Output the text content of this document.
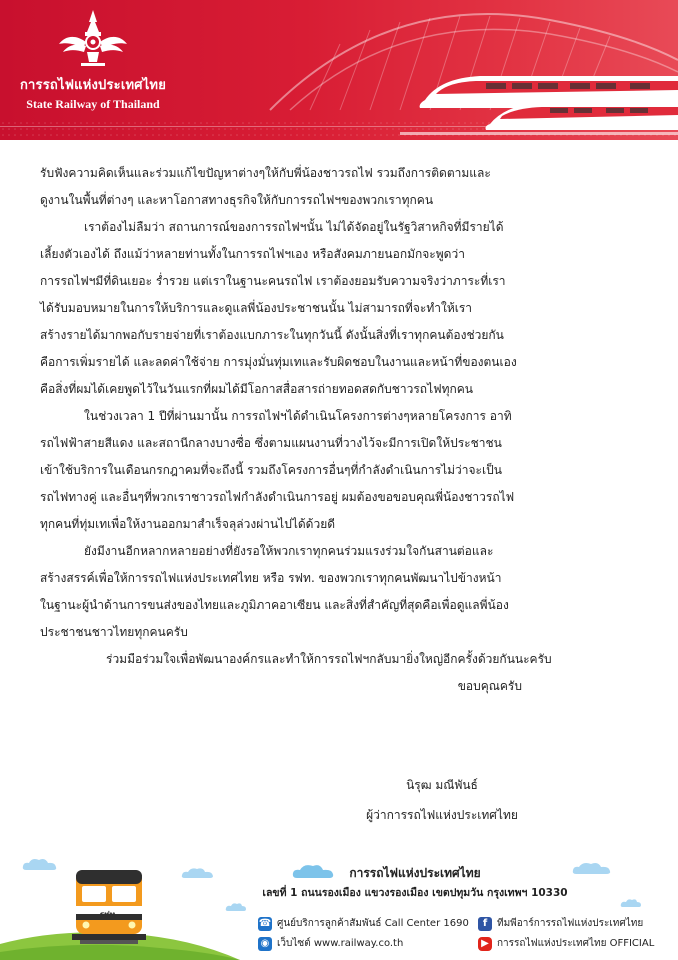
การรถไฟแห่งประเทศไทย
State Railway of Thailand

รับฟังความคิดเห็นและร่วมแก้ไขปัญหาต่างๆให้กับพี่น้องชาวรถไฟ รวมถึงการติดตามและ
ดูงานในพื้นที่ต่างๆ และหาโอกาสทางธุรกิจให้กับการรถไฟฯของพวกเราทุกคน

เราต้องไม่ลืมว่า สถานการณ์ของการรถไฟฯนั้น ไม่ได้จัดอยู่ในรัฐวิสาหกิจที่มีรายได้
เลี้ยงตัวเองได้ ถึงแม้ว่าหลายท่านทั้งในการรถไฟฯเอง หรือสังคมภายนอกมักจะพูดว่า
การรถไฟฯมีที่ดินเยอะ ร่ำรวย แต่เราในฐานะคนรถไฟ เราต้องยอมรับความจริงว่าภาระที่เรา
ได้รับมอบหมายในการให้บริการและดูแลพี่น้องประชาชนนั้น ไม่สามารถที่จะทำให้เรา
สร้างรายได้มากพอกับรายจ่ายที่เราต้องแบกภาระในทุกวันนี้ ดังนั้นสิ่งที่เราทุกคนต้องช่วยกัน
คือการเพิ่มรายได้ และลดค่าใช้จ่าย การมุ่งมั่นทุ่มเทและรับผิดชอบในงานและหน้าที่ของตนเอง
คือสิ่งที่ผมได้เคยพูดไว้ในวันแรกที่ผมได้มีโอกาสสื่อสารถ่ายทอดสดกับชาวรถไฟทุกคน

ในช่วงเวลา 1 ปีที่ผ่านมานั้น การรถไฟฯได้ดำเนินโครงการต่างๆหลายโครงการ อาทิ
รถไฟฟ้าสายสีแดง และสถานีกลางบางซื่อ ซึ่งตามแผนงานที่วางไว้จะมีการเปิดให้ประชาชน
เข้าใช้บริการในเดือนกรกฎาคมที่จะถึงนี้ รวมถึงโครงการอื่นๆที่กำลังดำเนินการไม่ว่าจะเป็น
รถไฟทางคู่ และอื่นๆที่พวกเราชาวรถไฟกำลังดำเนินการอยู่ ผมต้องขอขอบคุณพี่น้องชาวรถไฟ
ทุกคนที่ทุ่มเทเพื่อให้งานออกมาสำเร็จลุล่วงผ่านไปได้ด้วยดี

ยังมีงานอีกหลากหลายอย่างที่ยังรอให้พวกเราทุกคนร่วมแรงร่วมใจกันสานต่อและ
สร้างสรรค์เพื่อให้การรถไฟแห่งประเทศไทย หรือ รฟท. ของพวกเราทุกคนพัฒนาไปข้างหน้า
ในฐานะผู้นำด้านการขนส่งของไทยและภูมิภาคอาเซียน และสิ่งที่สำคัญที่สุดคือเพื่อดูแลพี่น้อง
ประชาชนชาวไทยทุกคนครับ

ร่วมมือร่วมใจเพื่อพัฒนาองค์กรและทำให้การรถไฟฯกลับมายิ่งใหญ่อีกครั้งด้วยกันนะครับ

ขอบคุณครับ

นิรุฒ มณีพันธ์
ผู้ว่าการรถไฟแห่งประเทศไทย
รฟท.
การรถไฟแห่งประเทศไทย
เลขที่ 1 ถนนรองเมือง แขวงรองเมือง เขตปทุมวัน กรุงเทพฯ 10330
☎ ศูนย์บริการลูกค้าสัมพันธ์ Call Center 1690
◉ เว็บไซต์ www.railway.co.th
f ทีมพีอาร์การรถไฟแห่งประเทศไทย
▶ การรถไฟแห่งประเทศไทย OFFICIAL
